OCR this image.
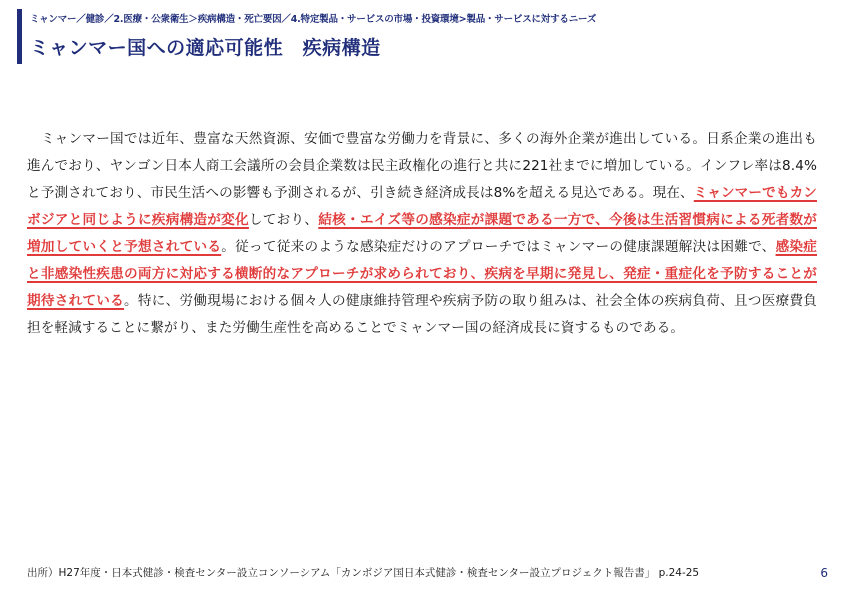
ミャンマー／健診／2.医療・公衆衛生＞疾病構造・死亡要因／4.特定製品・サービスの市場・投資環境>製品・サービスに対するニーズ
ミャンマー国への適応可能性　疾病構造

ミャンマー国では近年、豊富な天然資源、安価で豊富な労働力を背景に、多くの海外企業が進出している。日系企業の進出も進んでおり、ヤンゴン日本人商工会議所の会員企業数は民主政権化の進行と共に221社までに増加している。インフレ率は8.4%と予測されており、市民生活への影響も予測されるが、引き続き経済成長は8%を超える見込である。現在、ミャンマーでもカンボジアと同じように疾病構造が変化しており、結核・エイズ等の感染症が課題である一方で、今後は生活習慣病による死者数が増加していくと予想されている。従って従来のような感染症だけのアプローチではミャンマーの健康課題解決は困難で、感染症と非感染性疾患の両方に対応する横断的なアプローチが求められており、疾病を早期に発見し、発症・重症化を予防することが期待されている。特に、労働現場における個々人の健康維持管理や疾病予防の取り組みは、社会全体の疾病負荷、且つ医療費負担を軽減することに繋がり、また労働生産性を高めることでミャンマー国の経済成長に資するものである。

出所）H27年度・日本式健診・検査センター設立コンソーシアム「カンボジア国日本式健診・検査センター設立プロジェクト報告書」 p.24-25	6
